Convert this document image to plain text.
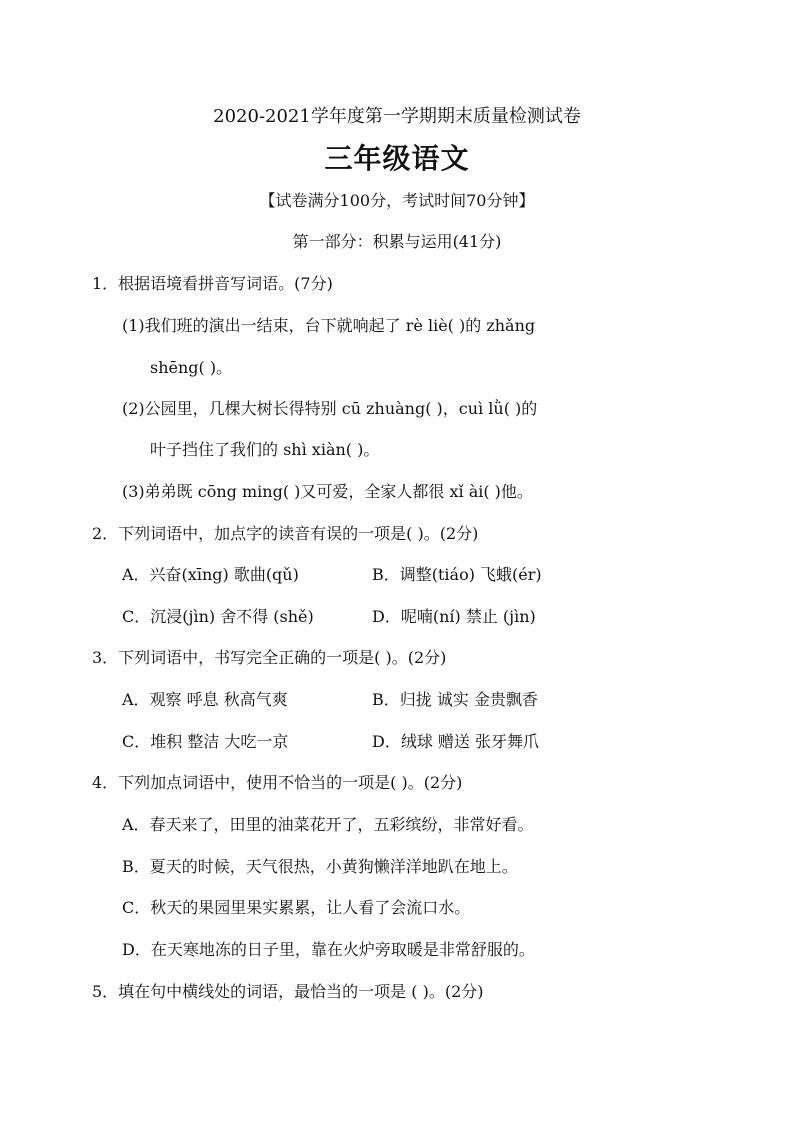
2020-2021学年度第一学期期末质量检测试卷
三年级语文
【试卷满分100分，考试时间70分钟】
第一部分：积累与运用(41分)
1．根据语境看拼音写词语。(7分)
(1)我们班的演出一结束，台下就响起了 rè liè( )的 zhǎng
shēng( )。
(2)公园里，几棵大树长得特别 cū zhuàng( )，cuì lǜ( )的
叶子挡住了我们的 shì xiàn( )。
(3)弟弟既 cōng ming( )又可爱，全家人都很 xǐ ài( )他。
2．下列词语中，加点字的读音有误的一项是( )。(2分)
A．兴奋(xīng) 歌曲(qǔ)	B．调整(tiáo) 飞蛾(ér)
C．沉浸(jìn) 舍不得 (shě)	D．呢喃(ní) 禁止 (jìn)
3．下列词语中，书写完全正确的一项是( )。(2分)
A．观察 呼息 秋高气爽	B．归拢 诚实 金贵飘香
C．堆积 整洁 大吃一京	D．绒球 赠送 张牙舞爪
4．下列加点词语中，使用不恰当的一项是( )。(2分)
A．春天来了，田里的油菜花开了，五彩缤纷，非常好看。
B．夏天的时候，天气很热，小黄狗懒洋洋地趴在地上。
C．秋天的果园里果实累累，让人看了会流口水。
D．在天寒地冻的日子里，靠在火炉旁取暖是非常舒服的。
5．填在句中横线处的词语，最恰当的一项是 ( )。(2分)
